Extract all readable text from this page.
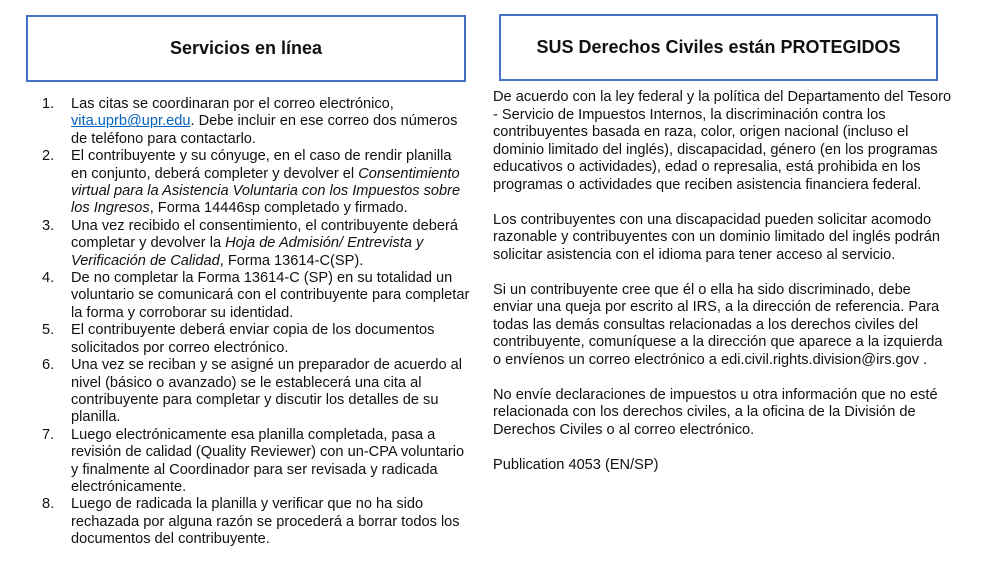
Servicios en línea	SUS Derechos Civiles están PROTEGIDOS
1. Las citas se coordinaran por el correo electrónico,
vita.uprb@upr.edu. Debe incluir en ese correo dos números de teléfono para contactarlo.
2. El contribuyente y su cónyuge, en el caso de rendir planilla en conjunto, deberá completer y devolver el Consentimiento virtual para la Asistencia Voluntaria con los Impuestos sobre los Ingresos, Forma 14446sp completado y firmado.
3. Una vez recibido el consentimiento, el contribuyente deberá completar y devolver la Hoja de Admisión/ Entrevista y Verificación de Calidad, Forma 13614-C(SP).
4. De no completar la Forma 13614-C (SP) en su totalidad un voluntario se comunicará con el contribuyente para completar la forma y corroborar su identidad.
5. El contribuyente deberá enviar copia de los documentos solicitados por correo electrónico.
6. Una vez se reciban y se asigné un preparador de acuerdo al nivel (básico o avanzado) se le establecerá una cita al contribuyente para completar y discutir los detalles de su planilla.
7. Luego electrónicamente esa planilla completada, pasa a revisión de calidad (Quality Reviewer) con un-CPA voluntario y finalmente al Coordinador para ser revisada y radicada electrónicamente.
8. Luego de radicada la planilla y verificar que no ha sido rechazada por alguna razón se procederá a borrar todos los documentos del contribuyente.

De acuerdo con la ley federal y la política del Departamento del Tesoro - Servicio de Impuestos Internos, la discriminación contra los contribuyentes basada en raza, color, origen nacional (incluso el dominio limitado del inglés), discapacidad, género (en los programas educativos o actividades), edad o represalia, está prohibida en los programas o actividades que reciben asistencia financiera federal.

Los contribuyentes con una discapacidad pueden solicitar acomodo razonable y contribuyentes con un dominio limitado del inglés podrán solicitar asistencia con el idioma para tener acceso al servicio.

Si un contribuyente cree que él o ella ha sido discriminado, debe enviar una queja por escrito al IRS, a la dirección de referencia. Para todas las demás consultas relacionadas a los derechos civiles del contribuyente, comuníquese a la dirección que aparece a la izquierda o envíenos un correo electrónico a edi.civil.rights.division@irs.gov .

No envíe declaraciones de impuestos u otra información que no esté relacionada con los derechos civiles, a la oficina de la División de Derechos Civiles o al correo electrónico.

Publication 4053 (EN/SP)
